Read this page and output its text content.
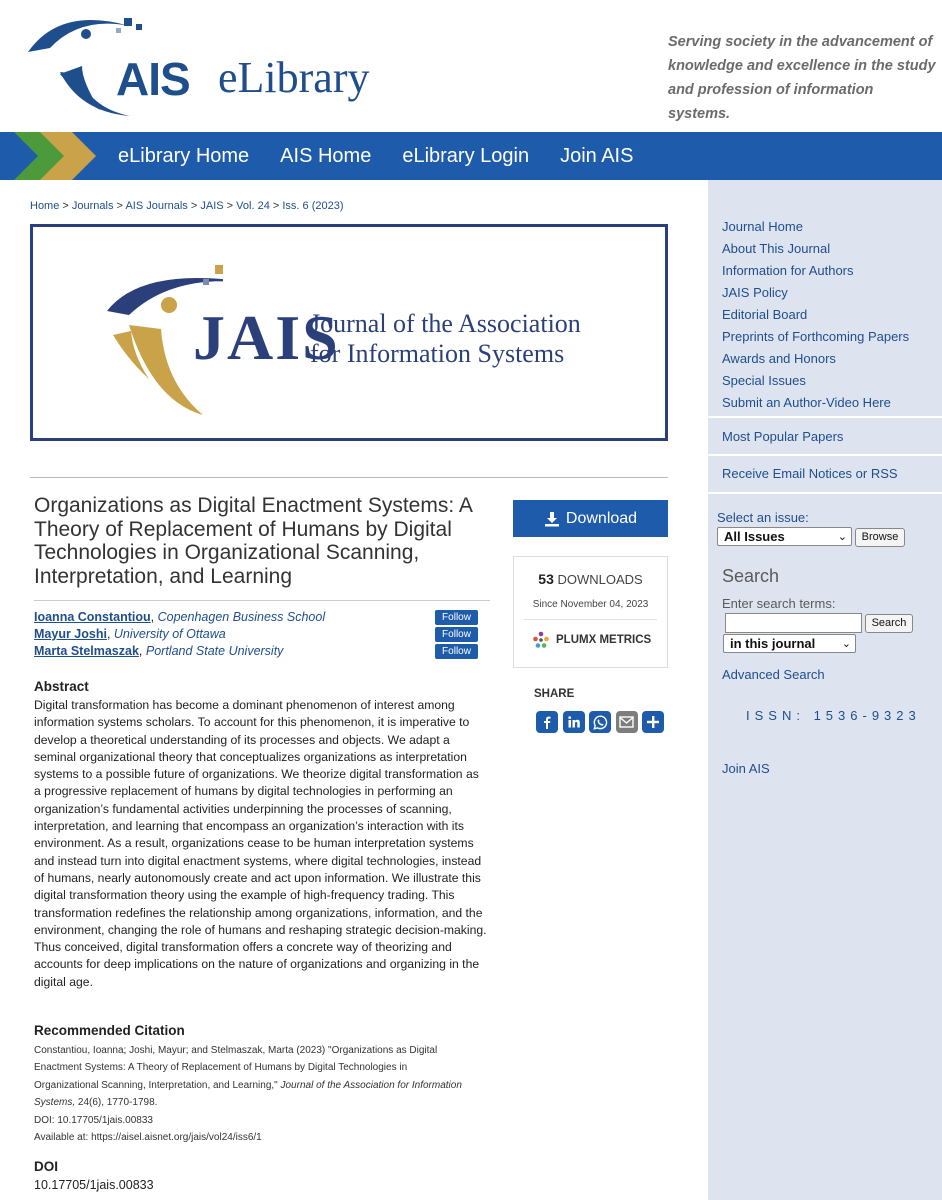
AIS eLibrary
Serving society in the advancement of knowledge and excellence in the study and profession of information systems.
eLibrary Home AIS Home eLibrary Login Join AIS
Home > Journals > AIS Journals > JAIS > Vol. 24 > Iss. 6 (2023)
JAIS
Journal of the Association
for Information Systems
Organizations as Digital Enactment Systems: A Theory of Replacement of Humans by Digital Technologies in Organizational Scanning, Interpretation, and Learning
Ioanna Constantiou, Copenhagen Business School	Follow
Mayur Joshi, University of Ottawa	Follow
Marta Stelmaszak, Portland State University	Follow
Abstract
Digital transformation has become a dominant phenomenon of interest among information systems scholars. To account for this phenomenon, it is imperative to develop a theoretical understanding of its processes and objects. We adapt a seminal organizational theory that conceptualizes organizations as interpretation systems to a possible future of organizations. We theorize digital transformation as a progressive replacement of humans by digital technologies in performing an organization’s fundamental activities underpinning the processes of scanning, interpretation, and learning that encompass an organization’s interaction with its environment. As a result, organizations cease to be human interpretation systems and instead turn into digital enactment systems, where digital technologies, instead of humans, nearly autonomously create and act upon information. We illustrate this digital transformation theory using the example of high-frequency trading. This transformation redefines the relationship among organizations, information, and the environment, changing the role of humans and reshaping strategic decision-making. Thus conceived, digital transformation offers a concrete way of theorizing and accounts for deep implications on the nature of organizations and organizing in the digital age.
Recommended Citation
Constantiou, Ioanna; Joshi, Mayur; and Stelmaszak, Marta (2023) "Organizations as Digital Enactment Systems: A Theory of Replacement of Humans by Digital Technologies in Organizational Scanning, Interpretation, and Learning," Journal of the Association for Information Systems, 24(6), 1770-1798.
DOI: 10.17705/1jais.00833
Available at: https://aisel.aisnet.org/jais/vol24/iss6/1
DOI
10.17705/1jais.00833
Download
53 DOWNLOADS
Since November 04, 2023
PLUMX METRICS
SHARE
Journal Home
About This Journal
Information for Authors
JAIS Policy
Editorial Board
Preprints of Forthcoming Papers
Awards and Honors
Special Issues
Submit an Author-Video Here
Most Popular Papers
Receive Email Notices or RSS
Select an issue:
All Issues	⌄	Browse
Search
Enter search terms:
Search
in this journal ⌄
Advanced Search
ISSN: 1536-9323
Join AIS
